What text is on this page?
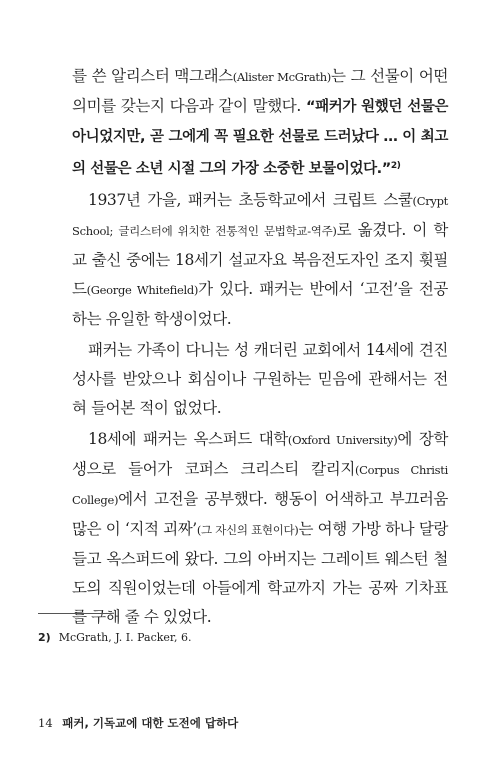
를 쓴 알리스터 맥그래스(Alister McGrath)는 그 선물이 어떤 의미를 갖는지 다음과 같이 말했다. “패커가 원했던 선물은 아니었지만, 곧 그에게 꼭 필요한 선물로 드러났다 … 이 최고의 선물은 소년 시절 그의 가장 소중한 보물이었다.”$^{2)}$

1937년 가을, 패커는 초등학교에서 크립트 스쿨(Crypt School; 글리스터에 위치한 전통적인 문법학교-역주)로 옮겼다. 이 학교 출신 중에는 18세기 설교자요 복음전도자인 조지 휫필드(George Whitefield)가 있다. 패커는 반에서 ‘고전’을 전공하는 유일한 학생이었다.

패커는 가족이 다니는 성 캐더린 교회에서 14세에 견진성사를 받았으나 회심이나 구원하는 믿음에 관해서는 전혀 들어본 적이 없었다.

18세에 패커는 옥스퍼드 대학(Oxford University)에 장학생으로 들어가 코퍼스 크리스티 칼리지(Corpus Christi College)에서 고전을 공부했다. 행동이 어색하고 부끄러움 많은 이 ‘지적 괴짜’(그 자신의 표현이다)는 여행 가방 하나 달랑 들고 옥스퍼드에 왔다. 그의 아버지는 그레이트 웨스턴 철도의 직원이었는데 아들에게 학교까지 가는 공짜 기차표를 구해 줄 수 있었다.

2) McGrath, J. I. Packer, 6.
14 패커, 기독교에 대한 도전에 답하다
